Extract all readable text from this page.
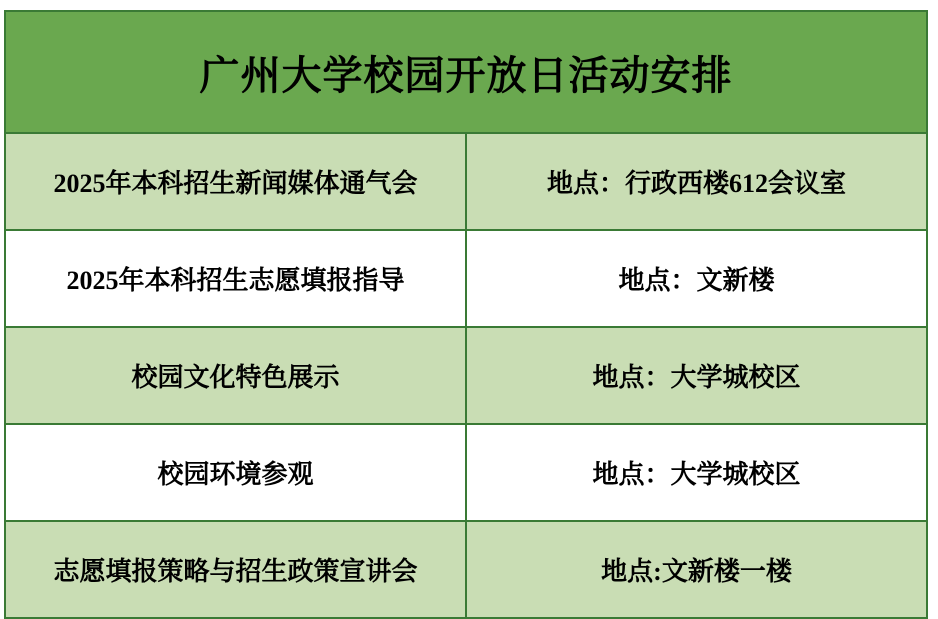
广州大学校园开放日活动安排	
2025年本科招生新闻媒体通气会	地点：行政西楼612会议室
2025年本科招生志愿填报指导	地点：文新楼
校园文化特色展示	地点：大学城校区
校园环境参观	地点：大学城校区
志愿填报策略与招生政策宣讲会	地点:文新楼一楼
